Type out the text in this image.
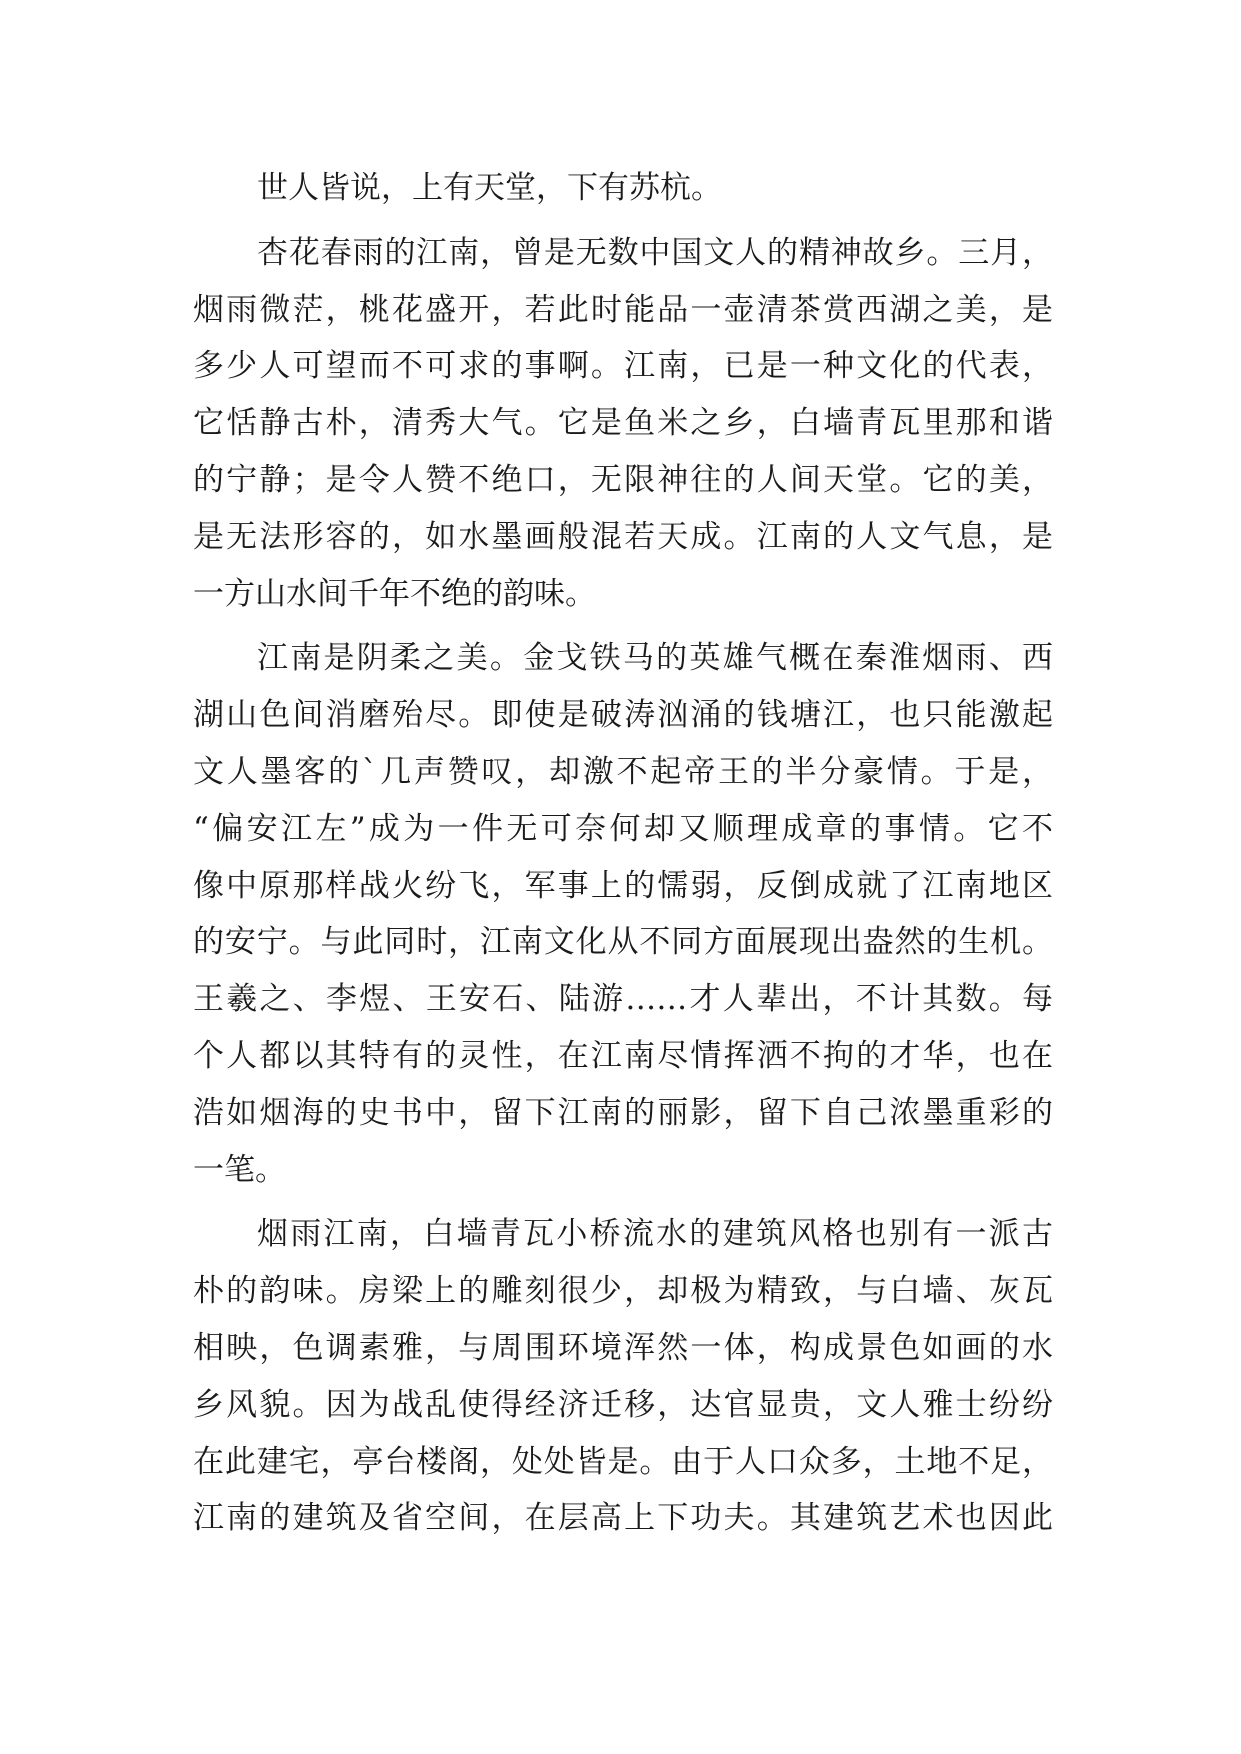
世人皆说，上有天堂，下有苏杭。
杏花春雨的江南，曾是无数中国文人的精神故乡。三月，
烟雨微茫，桃花盛开，若此时能品一壶清茶赏西湖之美，是
多少人可望而不可求的事啊。江南，已是一种文化的代表，
它恬静古朴，清秀大气。它是鱼米之乡，白墙青瓦里那和谐
的宁静；是令人赞不绝口，无限神往的人间天堂。它的美，
是无法形容的，如水墨画般混若天成。江南的人文气息，是
一方山水间千年不绝的韵味。
江南是阴柔之美。金戈铁马的英雄气概在秦淮烟雨、西
湖山色间消磨殆尽。即使是破涛汹涌的钱塘江，也只能激起
文人墨客的`几声赞叹，却激不起帝王的半分豪情。于是，
“偏安江左”成为一件无可奈何却又顺理成章的事情。它不
像中原那样战火纷飞，军事上的懦弱，反倒成就了江南地区
的安宁。与此同时，江南文化从不同方面展现出盎然的生机。
王羲之、李煜、王安石、陆游……才人辈出，不计其数。每
个人都以其特有的灵性，在江南尽情挥洒不拘的才华，也在
浩如烟海的史书中，留下江南的丽影，留下自己浓墨重彩的
一笔。
烟雨江南，白墙青瓦小桥流水的建筑风格也别有一派古
朴的韵味。房梁上的雕刻很少，却极为精致，与白墙、灰瓦
相映，色调素雅，与周围环境浑然一体，构成景色如画的水
乡风貌。因为战乱使得经济迁移，达官显贵，文人雅士纷纷
在此建宅，亭台楼阁，处处皆是。由于人口众多，土地不足，
江南的建筑及省空间，在层高上下功夫。其建筑艺术也因此
